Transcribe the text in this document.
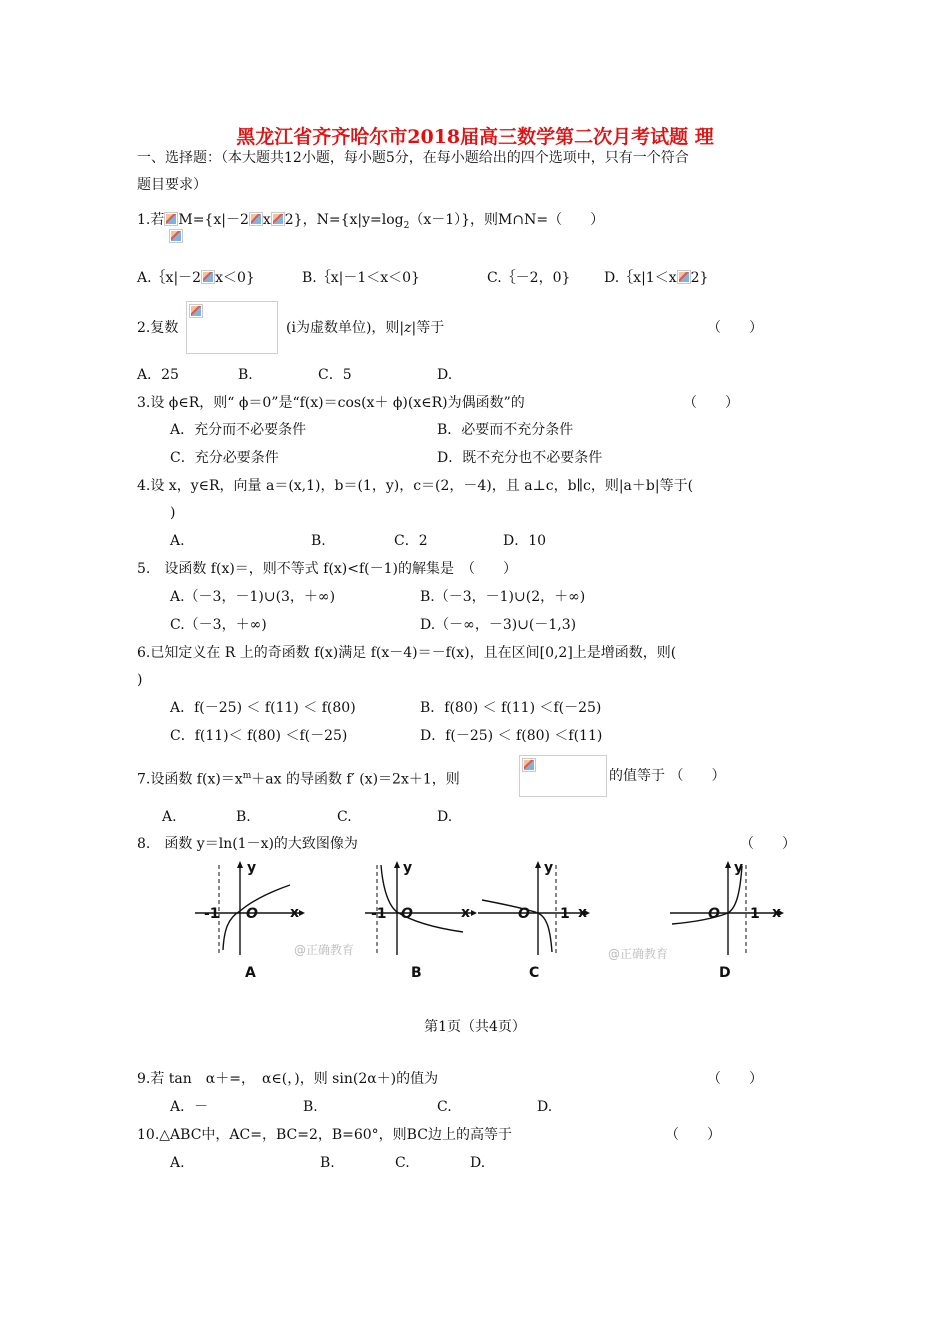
黑龙江省齐齐哈尔市2018届高三数学第二次月考试题 理
一、选择题：（本大题共12小题，每小题5分，在每小题给出的四个选项中，只有一个符合
题目要求）
1.若 M={x|－2 x 2}，$N=\{x|y=\log_2(x-1)\}$，则M∩N=（　　）
A.｛x|－2 x＜0}	B.｛x|－1＜x＜0}	C.｛－2，0} D.｛x|1＜x 2}
2.复数	(i为虚数单位)，则|z|等于	（　　）
A．25	B.	C．5	D.
3.设 ϕ∈R，则“ ϕ＝0”是“f(x)＝cos(x＋ ϕ)(x∈R)为偶函数”的	（　　）
A．充分而不必要条件	B．必要而不充分条件
C．充分必要条件	D．既不充分也不必要条件
4.设 x，y∈R，向量 a＝(x,1)，b＝(1，y)，c＝(2，－4)，且 a⊥c，b∥c，则|a＋b|等于(
)
A.	B.	C．2	D．10
5.　设函数 f(x)＝，则不等式 f(x)<f(－1)的解集是　（　　）
A.（－3，－1)∪(3，＋∞)	B.（－3，－1)∪(2，＋∞)
C.（－3，＋∞)	D.（－∞，－3)∪(－1,3)
6.已知定义在 R 上的奇函数 f(x)满足 f(x－4)＝－f(x)，且在区间[0,2]上是增函数，则(
)
A．f(－25) ＜ f(11) ＜ f(80)	B．f(80) ＜ f(11) ＜f(－25)
C．f(11)＜ f(80) ＜f(－25)	D．f(－25) ＜ f(80) ＜f(11)
7.设函数 $f(x)=x^m+ax$ 的导函数 f′ (x)＝2x＋1，则	的值等于 （　　）
A.	B.	C.	D.
8.　函数 y＝ln(1－x)的大致图像为	（　　）
y
x
-1 O
A
@正确教育
y
x
-1 O
B
y
x
1
O
C
@正确教育
y
x
1
O
D
第1页（共4页）
9.若 tan　α＋=，　α∈(，)，则 sin(2α＋)的值为	（　　）
A．－	B.	C.	D.
10.△ABC中，AC=，BC=2，B=60°，则BC边上的高等于	（　　）
A.	B.	C.	D.
